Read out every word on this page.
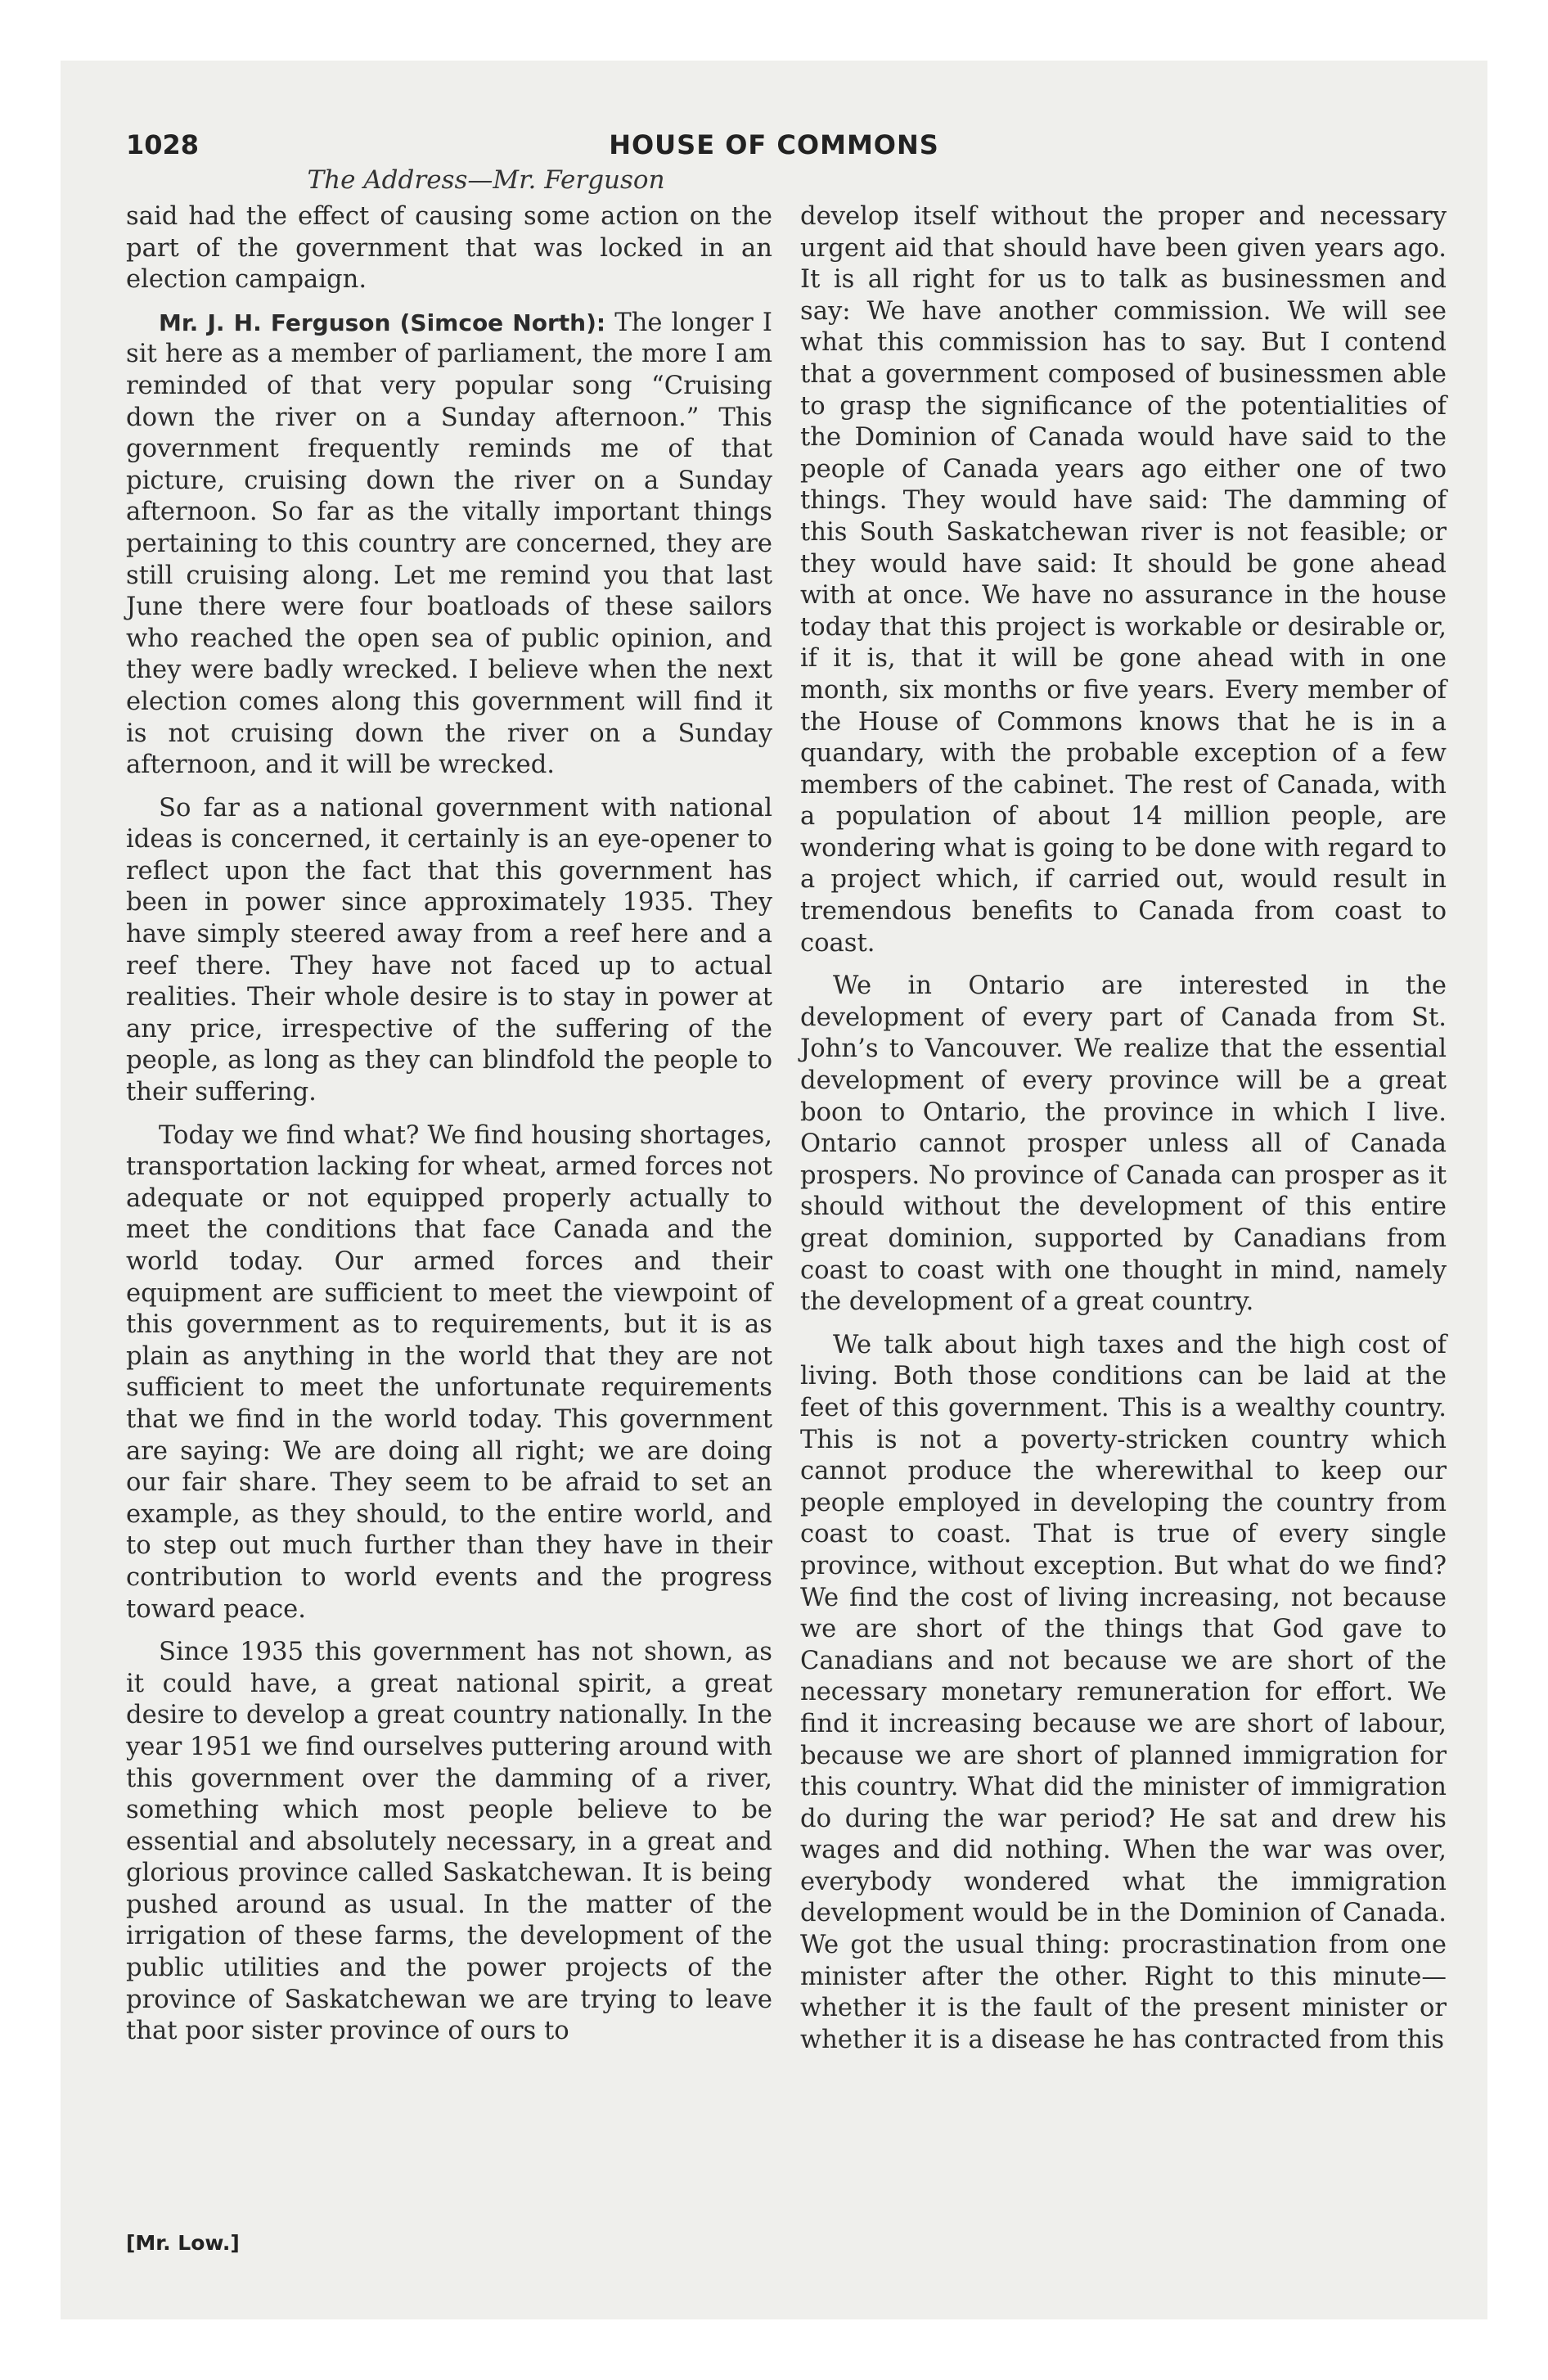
1028	HOUSE OF COMMONS
The Address—Mr. Ferguson

said had the effect of causing some action on the part of the government that was locked in an election campaign.

Mr. J. H. Ferguson (Simcoe North): The longer I sit here as a member of parliament, the more I am reminded of that very popular song “Cruising down the river on a Sunday afternoon.” This government frequently reminds me of that picture, cruising down the river on a Sunday afternoon. So far as the vitally important things pertaining to this country are concerned, they are still cruising along. Let me remind you that last June there were four boatloads of these sailors who reached the open sea of public opinion, and they were badly wrecked. I believe when the next election comes along this government will find it is not cruising down the river on a Sunday afternoon, and it will be wrecked.

So far as a national government with national ideas is concerned, it certainly is an eye-opener to reflect upon the fact that this government has been in power since approximately 1935. They have simply steered away from a reef here and a reef there. They have not faced up to actual realities. Their whole desire is to stay in power at any price, irrespective of the suffering of the people, as long as they can blindfold the people to their suffering.

Today we find what? We find housing shortages, transportation lacking for wheat, armed forces not adequate or not equipped properly actually to meet the conditions that face Canada and the world today. Our armed forces and their equipment are sufficient to meet the viewpoint of this government as to requirements, but it is as plain as anything in the world that they are not sufficient to meet the unfortunate requirements that we find in the world today. This government are saying: We are doing all right; we are doing our fair share. They seem to be afraid to set an example, as they should, to the entire world, and to step out much further than they have in their contribution to world events and the progress toward peace.

Since 1935 this government has not shown, as it could have, a great national spirit, a great desire to develop a great country nationally. In the year 1951 we find ourselves puttering around with this government over the damming of a river, something which most people believe to be essential and absolutely necessary, in a great and glorious province called Saskatchewan. It is being pushed around as usual. In the matter of the irrigation of these farms, the development of the public utilities and the power projects of the province of Saskatchewan we are trying to leave that poor sister province of ours to

develop itself without the proper and necessary urgent aid that should have been given years ago. It is all right for us to talk as businessmen and say: We have another commission. We will see what this commission has to say. But I contend that a government composed of businessmen able to grasp the significance of the potentialities of the Dominion of Canada would have said to the people of Canada years ago either one of two things. They would have said: The damming of this South Saskatchewan river is not feasible; or they would have said: It should be gone ahead with at once. We have no assurance in the house today that this project is workable or desirable or, if it is, that it will be gone ahead with in one month, six months or five years. Every member of the House of Commons knows that he is in a quandary, with the probable exception of a few members of the cabinet. The rest of Canada, with a population of about 14 million people, are wondering what is going to be done with regard to a project which, if carried out, would result in tremendous benefits to Canada from coast to coast.

We in Ontario are interested in the development of every part of Canada from St. John’s to Vancouver. We realize that the essential development of every province will be a great boon to Ontario, the province in which I live. Ontario cannot prosper unless all of Canada prospers. No province of Canada can prosper as it should without the development of this entire great dominion, supported by Canadians from coast to coast with one thought in mind, namely the development of a great country.

We talk about high taxes and the high cost of living. Both those conditions can be laid at the feet of this government. This is a wealthy country. This is not a poverty-stricken country which cannot produce the wherewithal to keep our people employed in developing the country from coast to coast. That is true of every single province, without exception. But what do we find? We find the cost of living increasing, not because we are short of the things that God gave to Canadians and not because we are short of the necessary monetary remuneration for effort. We find it increasing because we are short of labour, because we are short of planned immigration for this country. What did the minister of immigration do during the war period? He sat and drew his wages and did nothing. When the war was over, everybody wondered what the immigration development would be in the Dominion of Canada. We got the usual thing: procrastination from one minister after the other. Right to this minute—whether it is the fault of the present minister or whether it is a disease he has contracted from this

[Mr. Low.]
